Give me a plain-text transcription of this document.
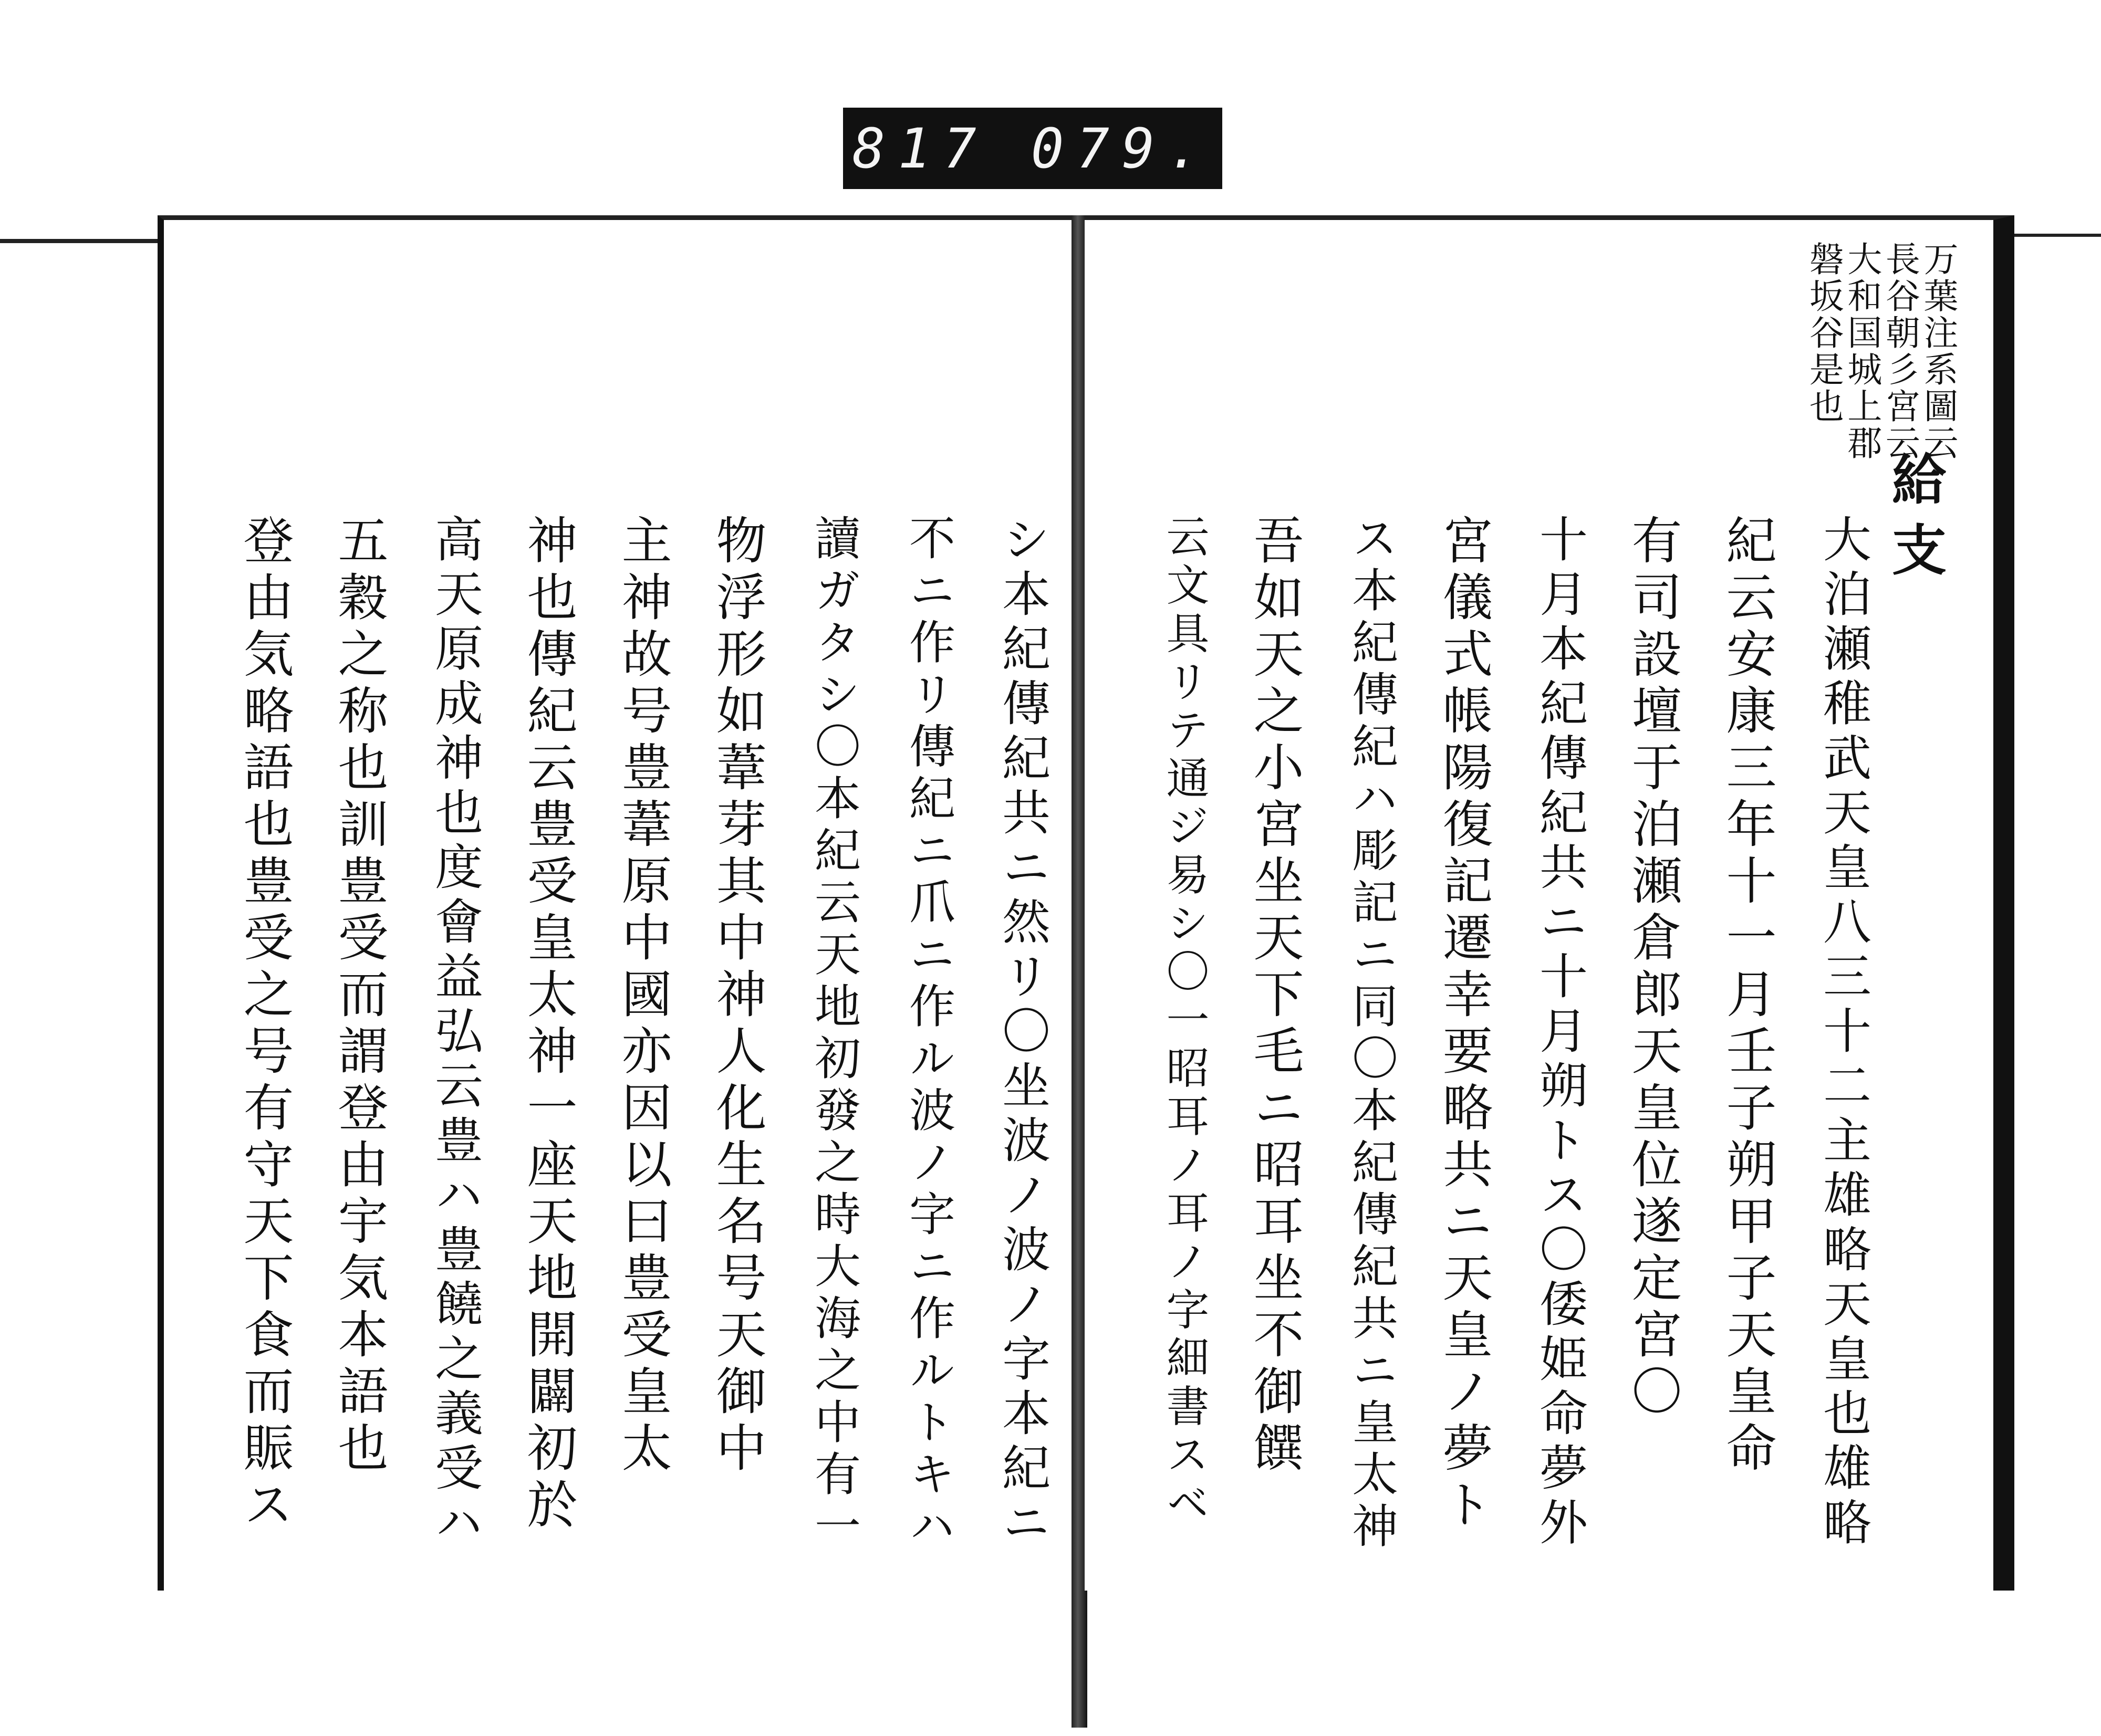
817 079.
シ本紀傳紀共ニ然リ〇坐波ノ波ノ字本紀ニ
不ニ作リ傳紀ニ爪ニ作ル波ノ字ニ作ルトキハ
讀ガタシ〇本紀云天地初發之時大海之中有一
物浮形如葦芽其中神人化生名号天御中
主神故号豊葦原中國亦因以曰豊受皇太
神也傳紀云豊受皇太神一座天地開闢初於
高天原成神也度會益弘云豊ハ豊饒之義受ハ
五穀之称也訓豊受而謂登由宇気本語也
登由気略語也豊受之号有守天下食而賑ス
万葉注系圖云
長谷朝彡宮云
大和国城上郡
磐坂谷是也
給支
大泊瀬稚武天皇八三十二主雄略天皇也雄略
紀云安康三年十一月壬子朔甲子天皇命
有司設壇于泊瀬倉郎天皇位遂定宮〇
十月本紀傳紀共ニ十月朔トス〇倭姫命夢外
宮儀式帳陽復記遷幸要略共ニ天皇ノ夢ト
ス本紀傳紀ハ彫記ニ同〇本紀傳紀共ニ皇太神
吾如天之小宮坐天下毛ニ昭耳坐不御饌
云文具リテ通ジ易シ〇一昭耳ノ耳ノ字細書スベ
